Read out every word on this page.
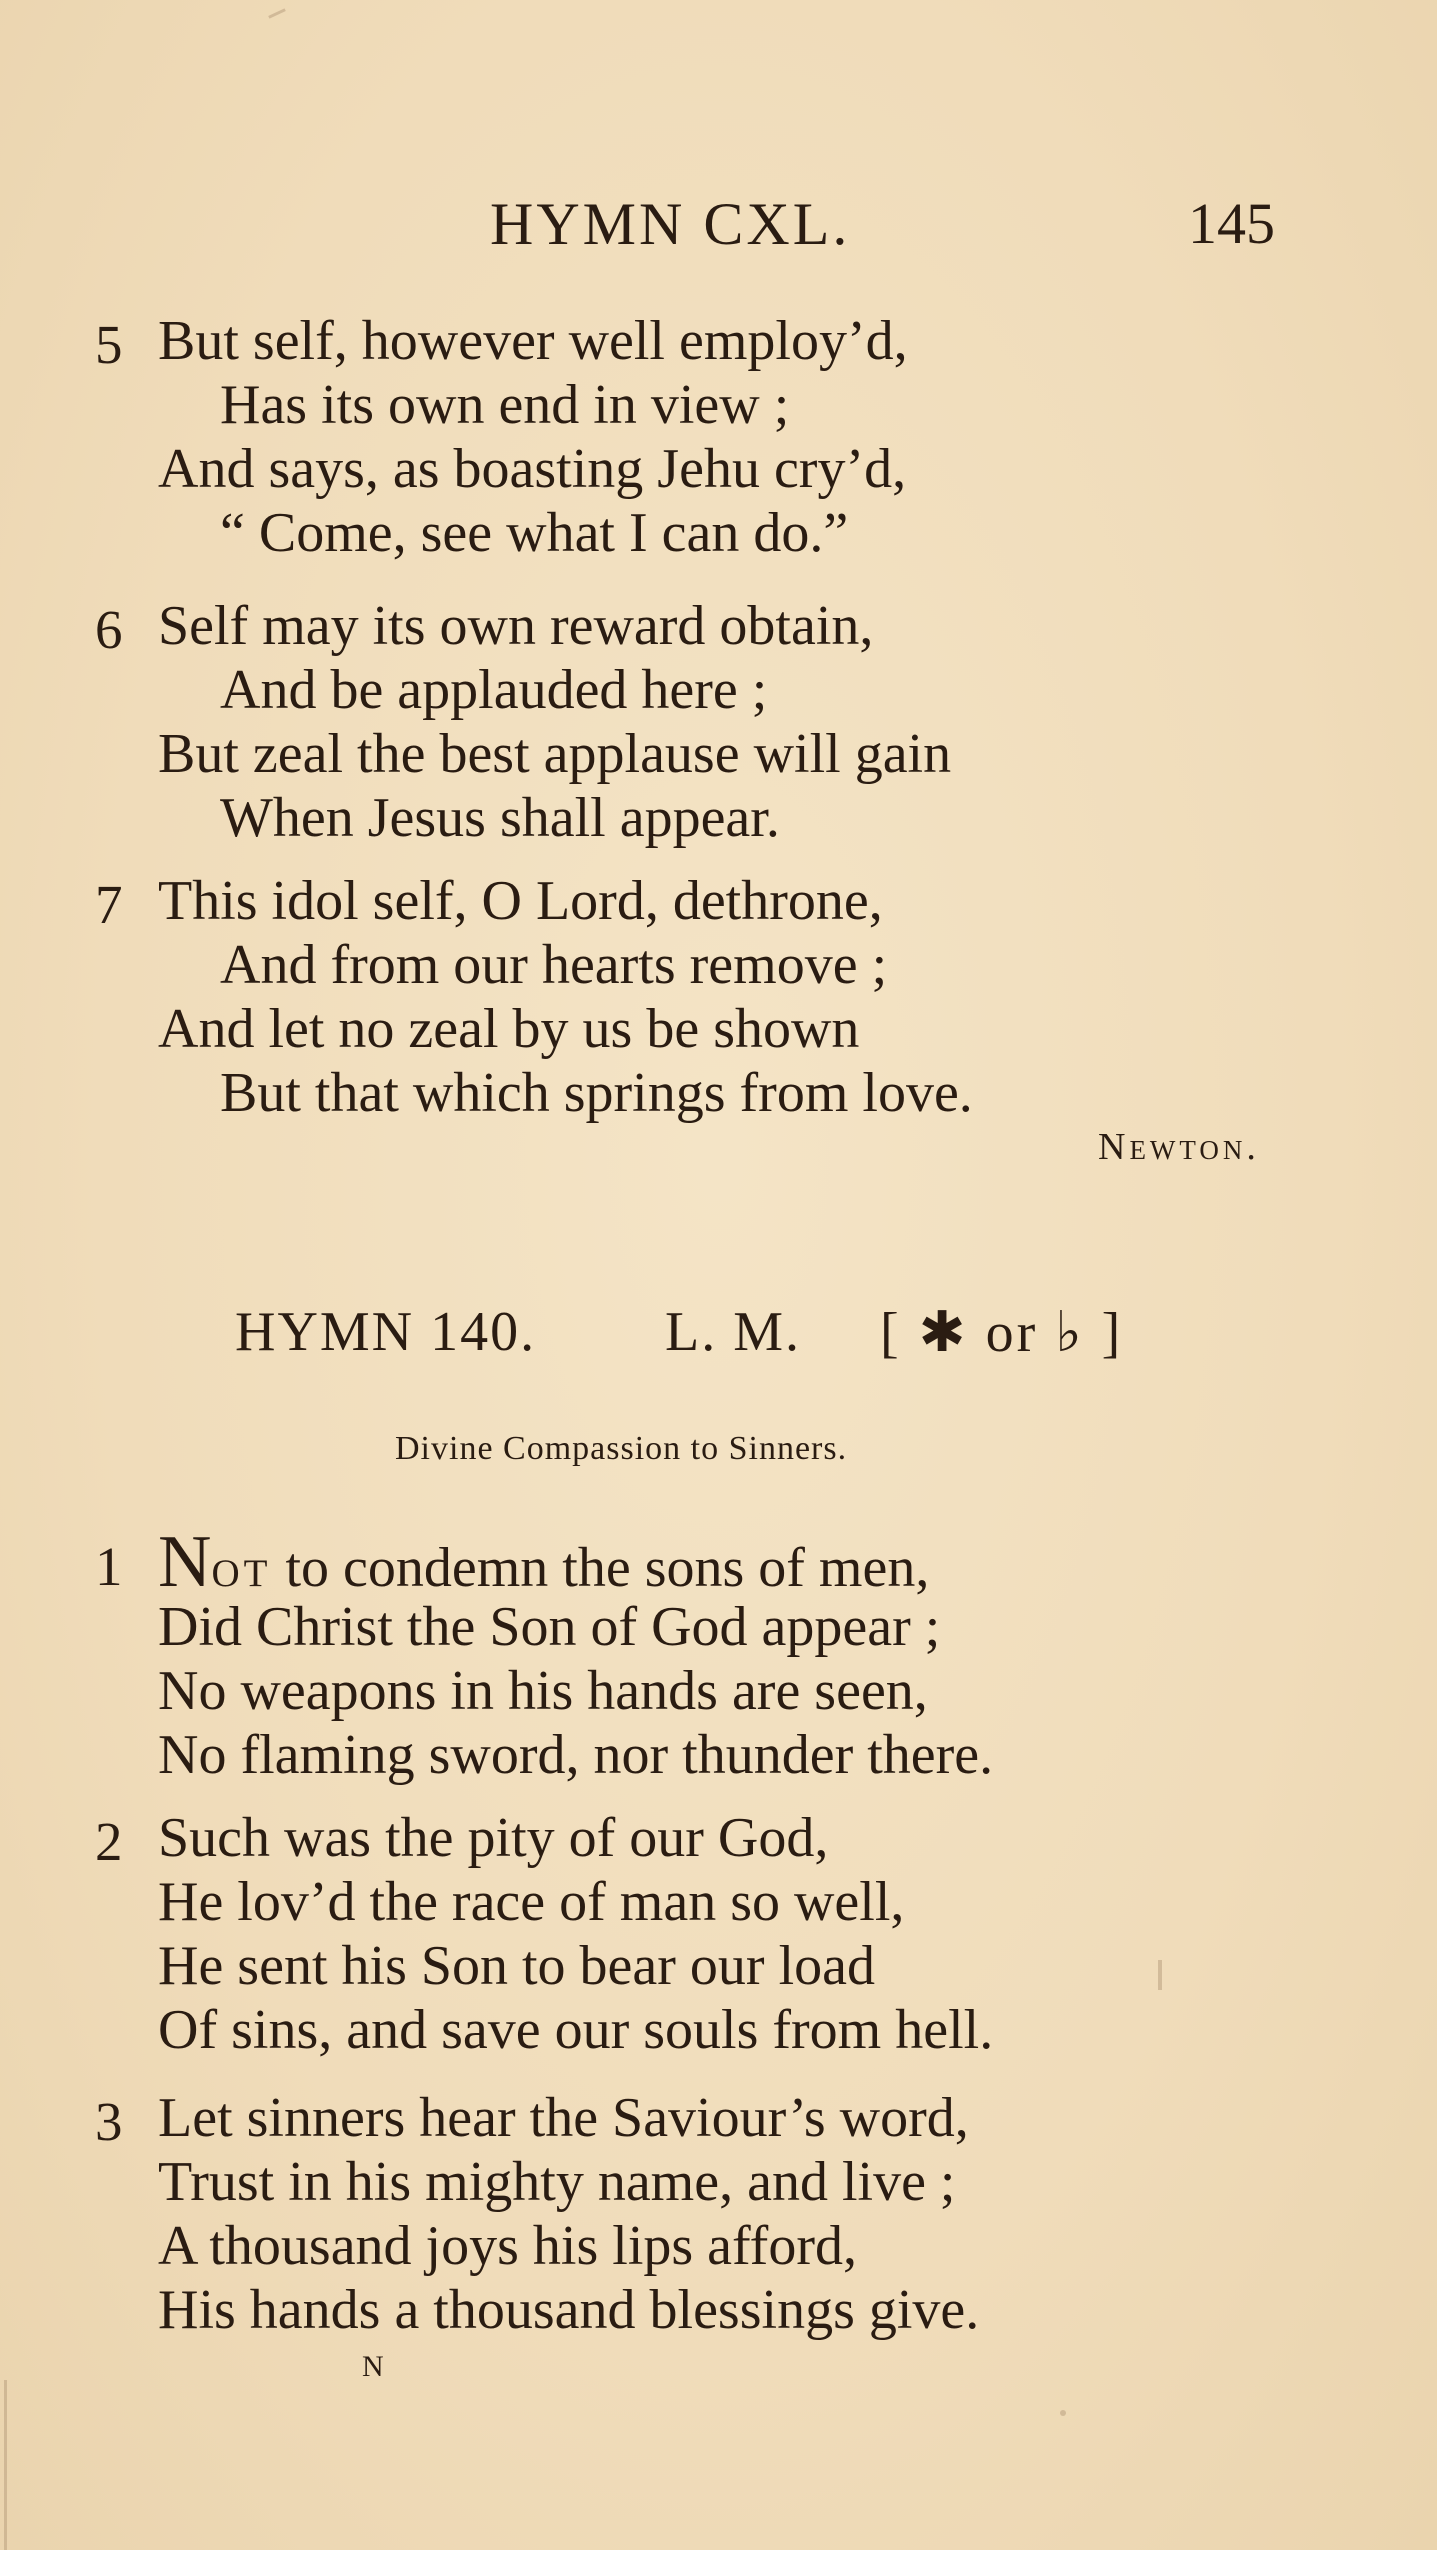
HYMN CXL.	145
5 But self, however well employ’d,
Has its own end in view ;
And says, as boasting Jehu cry’d,
“ Come, see what I can do.”
6 Self may its own reward obtain,
And be applauded here ;
But zeal the best applause will gain
When Jesus shall appear.
7 This idol self, O Lord, dethrone,
And from our hearts remove ;
And let no zeal by us be shown
But that which springs from love.
Newton.
HYMN 140. L. M. [ ✱ or ♭ ]
Divine Compassion to Sinners.
1 Not to condemn the sons of men,
Did Christ the Son of God appear ;
No weapons in his hands are seen,
No flaming sword, nor thunder there.
2 Such was the pity of our God,
He lov’d the race of man so well,
He sent his Son to bear our load
Of sins, and save our souls from hell.
3 Let sinners hear the Saviour’s word,
Trust in his mighty name, and live ;
A thousand joys his lips afford,
His hands a thousand blessings give.
N
